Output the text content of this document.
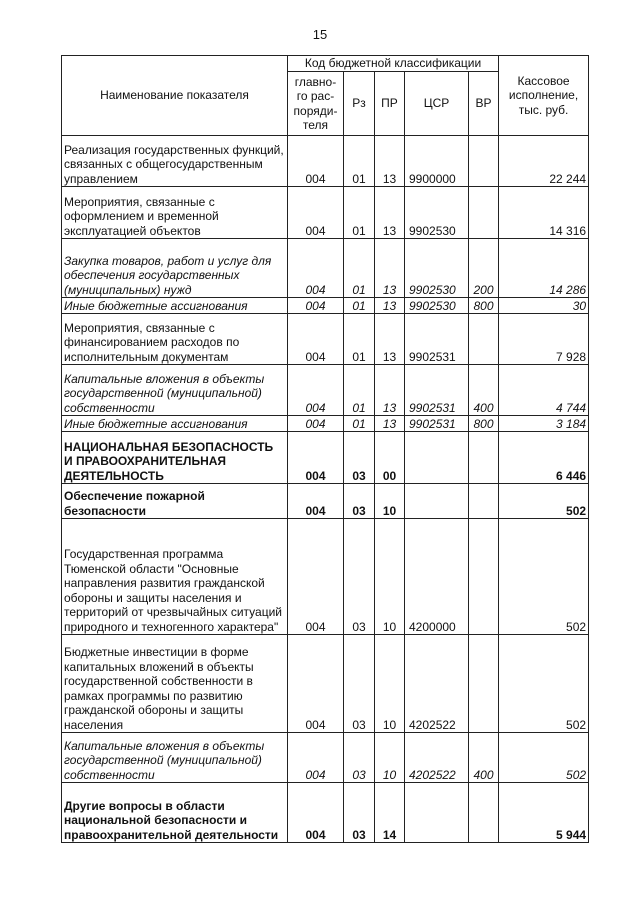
15
Наименование показателя	Код бюджетной классификации					Кассовое исполнение, тыс. руб.
	главно-го рас-поряди-теля	Рз	ПР	ЦСР	ВР	
Реализация государственных функций, связанных с общегосударственным управлением	004	01	13	9900000		22 244
Мероприятия, связанные с оформлением и временной эксплуатацией объектов	004	01	13	9902530		14 316
Закупка товаров, работ и услуг для обеспечения государственных (муниципальных) нужд	004	01	13	9902530	200	14 286
Иные бюджетные ассигнования	004	01	13	9902530	800	30
Мероприятия, связанные с финансированием расходов по исполнительным документам	004	01	13	9902531		7 928
Капитальные вложения в объекты государственной (муниципальной) собственности	004	01	13	9902531	400	4 744
Иные бюджетные ассигнования	004	01	13	9902531	800	3 184
НАЦИОНАЛЬНАЯ БЕЗОПАСНОСТЬ И ПРАВООХРАНИТЕЛЬНАЯ ДЕЯТЕЛЬНОСТЬ	004	03	00			6 446
Обеспечение пожарной безопасности	004	03	10			502
Государственная программа Тюменской области "Основные направления развития гражданской обороны и защиты населения и территорий от чрезвычайных ситуаций природного и техногенного характера"	004	03	10	4200000		502
Бюджетные инвестиции в форме капитальных вложений в объекты государственной собственности в рамках программы по развитию гражданской обороны и защиты населения	004	03	10	4202522		502
Капитальные вложения в объекты государственной (муниципальной) собственности	004	03	10	4202522	400	502
Другие вопросы в области национальной безопасности и правоохранительной деятельности	004	03	14			5 944
